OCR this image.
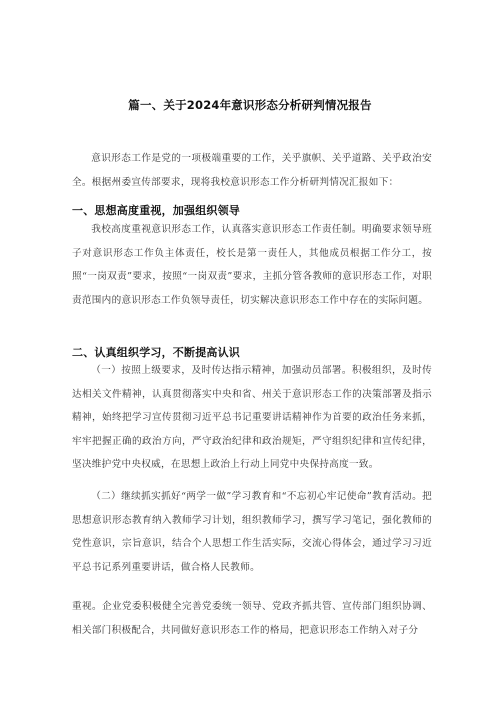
篇一、关于2024年意识形态分析研判情况报告
意识形态工作是党的一项极端重要的工作，关乎旗帜、关乎道路、关乎政治安全。根据州委宣传部要求，现将我校意识形态工作分析研判情况汇报如下：
一、思想高度重视，加强组织领导
我校高度重视意识形态工作，认真落实意识形态工作责任制。明确要求领导班子对意识形态工作负主体责任，校长是第一责任人，其他成员根据工作分工，按照“一岗双责”要求，按照“一岗双责”要求，主抓分管各教师的意识形态工作，对职责范围内的意识形态工作负领导责任，切实解决意识形态工作中存在的实际问题。
二、认真组织学习，不断提高认识
（一）按照上级要求，及时传达指示精神，加强动员部署。积极组织，及时传达相关文件精神，认真贯彻落实中央和省、州关于意识形态工作的决策部署及指示精神，始终把学习宣传贯彻习近平总书记重要讲话精神作为首要的政治任务来抓，牢牢把握正确的政治方向，严守政治纪律和政治规矩，严守组织纪律和宣传纪律，坚决维护党中央权威，在思想上政治上行动上同党中央保持高度一致。
（二）继续抓实抓好“两学一做”学习教育和“不忘初心牢记使命”教育活动。把思想意识形态教育纳入教师学习计划，组织教师学习，撰写学习笔记，强化教师的党性意识，宗旨意识，结合个人思想工作生活实际，交流心得体会，通过学习习近平总书记系列重要讲话，做合格人民教师。
重视。企业党委积极健全完善党委统一领导、党政齐抓共管、宣传部门组织协调、相关部门积极配合，共同做好意识形态工作的格局，把意识形态工作纳入对子分
